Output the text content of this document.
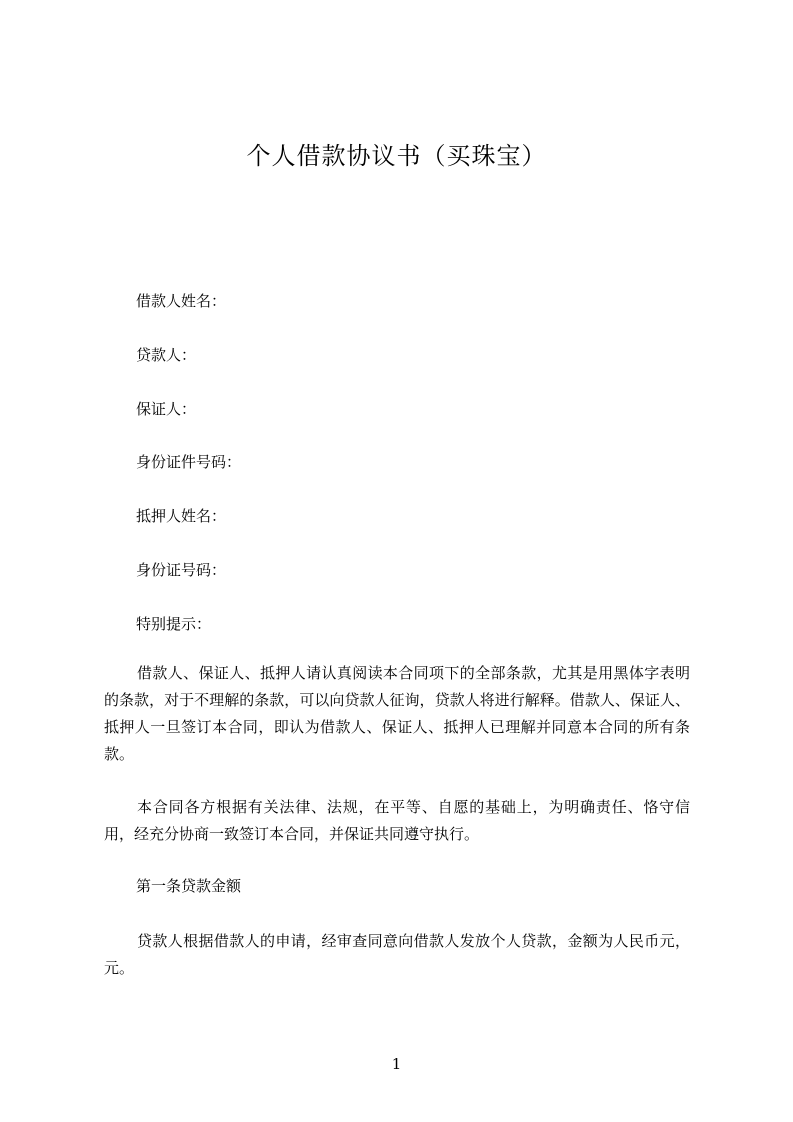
个人借款协议书（买珠宝）
借款人姓名：
贷款人：
保证人：
身份证件号码：
抵押人姓名：
身份证号码：
特别提示：
借款人、保证人、抵押人请认真阅读本合同项下的全部条款，尤其是用黑体字表明的条款，对于不理解的条款，可以向贷款人征询，贷款人将进行解释。借款人、保证人、抵押人一旦签订本合同，即认为借款人、保证人、抵押人已理解并同意本合同的所有条款。
本合同各方根据有关法律、法规，在平等、自愿的基础上，为明确责任、恪守信用，经充分协商一致签订本合同，并保证共同遵守执行。
第一条贷款金额
贷款人根据借款人的申请，经审查同意向借款人发放个人贷款，金额为人民币元，元。
1
